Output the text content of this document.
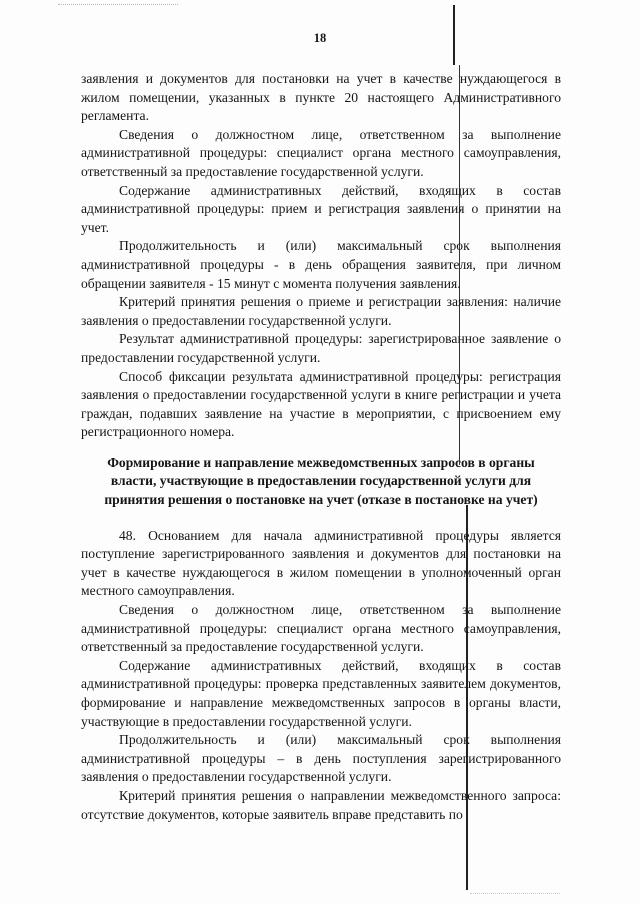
18

заявления и документов для постановки на учет в качестве нуждающегося в жилом помещении, указанных в пункте 20 настоящего Административного регламента.

Сведения о должностном лице, ответственном за выполнение административной процедуры: специалист органа местного самоуправления, ответственный за предоставление государственной услуги.

Содержание административных действий, входящих в состав административной процедуры: прием и регистрация заявления о принятии на учет.

Продолжительность и (или) максимальный срок выполнения административной процедуры - в день обращения заявителя, при личном обращении заявителя - 15 минут с момента получения заявления.

Критерий принятия решения о приеме и регистрации заявления: наличие заявления о предоставлении государственной услуги.

Результат административной процедуры: зарегистрированное заявление о предоставлении государственной услуги.

Способ фиксации результата административной процедуры: регистрация заявления о предоставлении государственной услуги в книге регистрации и учета граждан, подавших заявление на участие в мероприятии, с присвоением ему регистрационного номера.

Формирование и направление межведомственных запросов в органы власти, участвующие в предоставлении государственной услуги для принятия решения о постановке на учет (отказе в постановке на учет)

48. Основанием для начала административной процедуры является поступление зарегистрированного заявления и документов для постановки на учет в качестве нуждающегося в жилом помещении в уполномоченный орган местного самоуправления.

Сведения о должностном лице, ответственном за выполнение административной процедуры: специалист органа местного самоуправления, ответственный за предоставление государственной услуги.

Содержание административных действий, входящих в состав административной процедуры: проверка представленных заявителем документов, формирование и направление межведомственных запросов в органы власти, участвующие в предоставлении государственной услуги.

Продолжительность и (или) максимальный срок выполнения административной процедуры – в день поступления зарегистрированного заявления о предоставлении государственной услуги.

Критерий принятия решения о направлении межведомственного запроса: отсутствие документов, которые заявитель вправе представить по
